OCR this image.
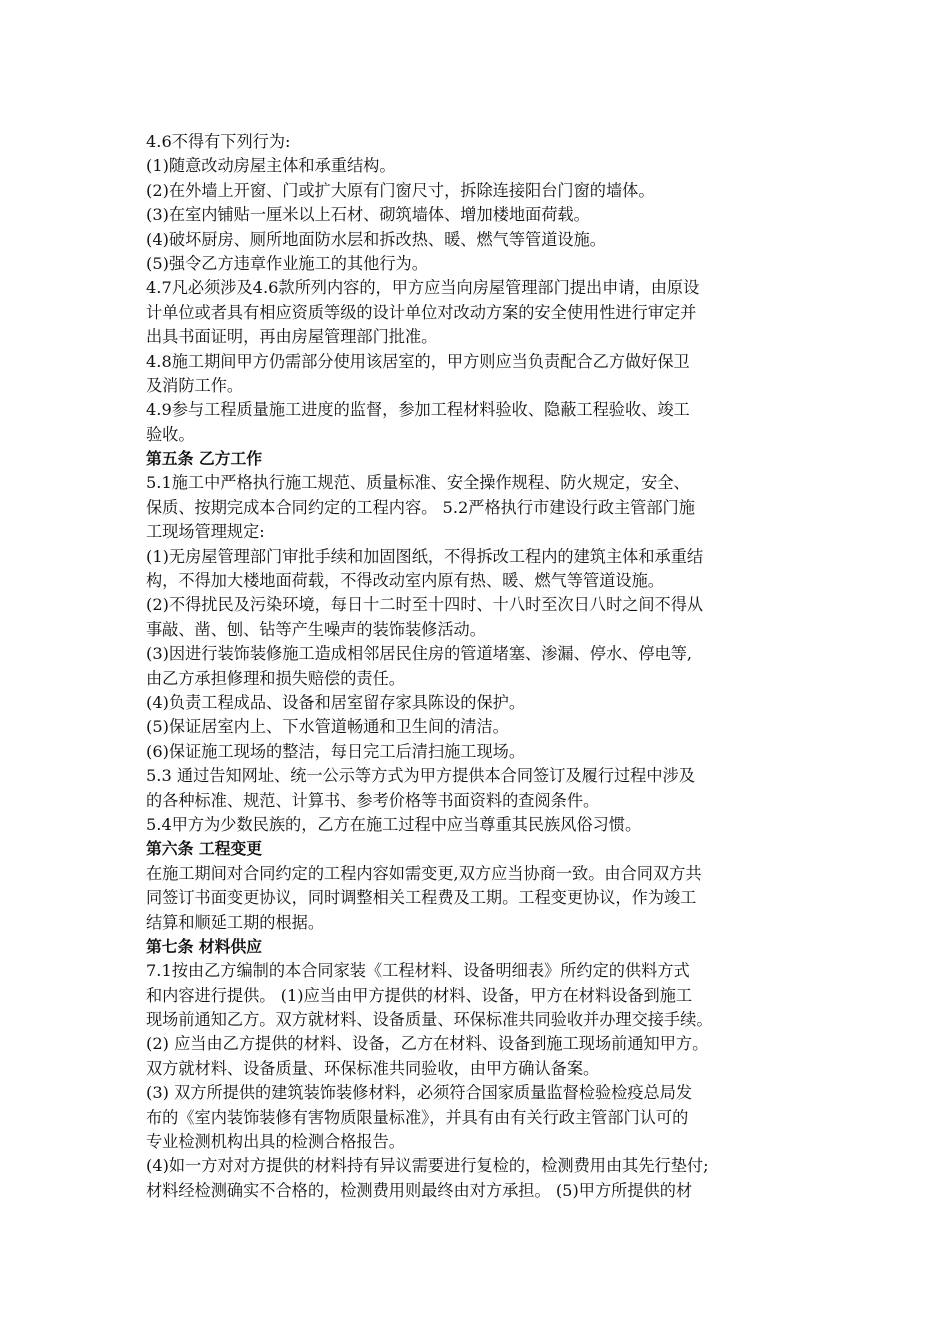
4.6不得有下列行为:
(1)随意改动房屋主体和承重结构。
(2)在外墙上开窗、门或扩大原有门窗尺寸，拆除连接阳台门窗的墙体。
(3)在室内铺贴一厘米以上石材、砌筑墙体、增加楼地面荷载。
(4)破坏厨房、厕所地面防水层和拆改热、暖、燃气等管道设施。
(5)强令乙方违章作业施工的其他行为。
4.7凡必须涉及4.6款所列内容的，甲方应当向房屋管理部门提出申请，由原设
计单位或者具有相应资质等级的设计单位对改动方案的安全使用性进行审定并
出具书面证明，再由房屋管理部门批准。
4.8施工期间甲方仍需部分使用该居室的，甲方则应当负责配合乙方做好保卫
及消防工作。
4.9参与工程质量施工进度的监督，参加工程材料验收、隐蔽工程验收、竣工
验收。
第五条 乙方工作
5.1施工中严格执行施工规范、质量标准、安全操作规程、防火规定，安全、
保质、按期完成本合同约定的工程内容。 5.2严格执行市建设行政主管部门施
工现场管理规定:
(1)无房屋管理部门审批手续和加固图纸，不得拆改工程内的建筑主体和承重结
构，不得加大楼地面荷载，不得改动室内原有热、暖、燃气等管道设施。
(2)不得扰民及污染环境，每日十二时至十四时、十八时至次日八时之间不得从
事敲、凿、刨、钻等产生噪声的装饰装修活动。
(3)因进行装饰装修施工造成相邻居民住房的管道堵塞、渗漏、停水、停电等,
由乙方承担修理和损失赔偿的责任。
(4)负责工程成品、设备和居室留存家具陈设的保护。
(5)保证居室内上、下水管道畅通和卫生间的清洁。
(6)保证施工现场的整洁，每日完工后清扫施工现场。
5.3 通过告知网址、统一公示等方式为甲方提供本合同签订及履行过程中涉及
的各种标准、规范、计算书、参考价格等书面资料的查阅条件。
5.4甲方为少数民族的，乙方在施工过程中应当尊重其民族风俗习惯。
第六条 工程变更
在施工期间对合同约定的工程内容如需变更,双方应当协商一致。由合同双方共
同签订书面变更协议，同时调整相关工程费及工期。工程变更协议，作为竣工
结算和顺延工期的根据。
第七条 材料供应
7.1按由乙方编制的本合同家装《工程材料、设备明细表》所约定的供料方式
和内容进行提供。 (1)应当由甲方提供的材料、设备，甲方在材料设备到施工
现场前通知乙方。双方就材料、设备质量、环保标准共同验收并办理交接手续。
(2) 应当由乙方提供的材料、设备，乙方在材料、设备到施工现场前通知甲方。
双方就材料、设备质量、环保标准共同验收，由甲方确认备案。
(3) 双方所提供的建筑装饰装修材料，必须符合国家质量监督检验检疫总局发
布的《室内装饰装修有害物质限量标准》，并具有由有关行政主管部门认可的
专业检测机构出具的检测合格报告。
(4)如一方对对方提供的材料持有异议需要进行复检的，检测费用由其先行垫付;
材料经检测确实不合格的，检测费用则最终由对方承担。 (5)甲方所提供的材
